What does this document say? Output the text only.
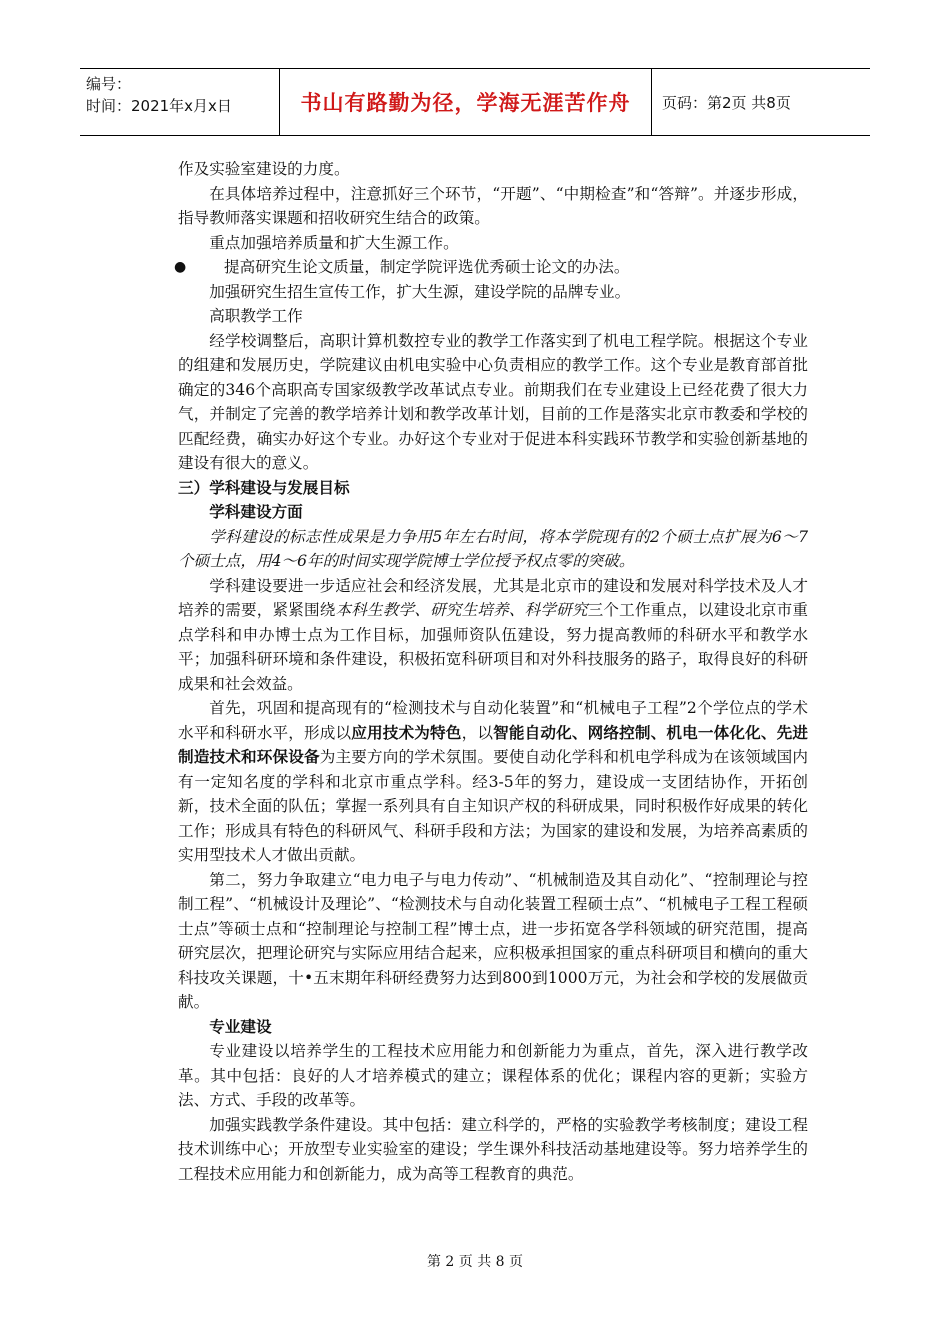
编号：
时间：2021年x月x日	书山有路勤为径，学海无涯苦作舟 页码：第2页 共8页

作及实验室建设的力度。

在具体培养过程中，注意抓好三个环节，“开题”、“中期检查”和“答辩”。并逐步形成，指导教师落实课题和招收研究生结合的政策。

重点加强培养质量和扩大生源工作。

●	提高研究生论文质量，制定学院评选优秀硕士论文的办法。

加强研究生招生宣传工作，扩大生源，建设学院的品牌专业。

高职教学工作

经学校调整后，高职计算机数控专业的教学工作落实到了机电工程学院。根据这个专业的组建和发展历史，学院建议由机电实验中心负责相应的教学工作。这个专业是教育部首批确定的346个高职高专国家级教学改革试点专业。前期我们在专业建设上已经花费了很大力气，并制定了完善的教学培养计划和教学改革计划，目前的工作是落实北京市教委和学校的匹配经费，确实办好这个专业。办好这个专业对于促进本科实践环节教学和实验创新基地的建设有很大的意义。

三）学科建设与发展目标

学科建设方面

学科建设的标志性成果是力争用5年左右时间，将本学院现有的2个硕士点扩展为6～7个硕士点，用4～6年的时间实现学院博士学位授予权点零的突破。

学科建设要进一步适应社会和经济发展，尤其是北京市的建设和发展对科学技术及人才培养的需要，紧紧围绕本科生教学、研究生培养、科学研究三个工作重点，以建设北京市重点学科和申办博士点为工作目标，加强师资队伍建设，努力提高教师的科研水平和教学水平；加强科研环境和条件建设，积极拓宽科研项目和对外科技服务的路子，取得良好的科研成果和社会效益。

首先，巩固和提高现有的“检测技术与自动化装置”和“机械电子工程”2个学位点的学术水平和科研水平，形成以应用技术为特色，以智能自动化、网络控制、机电一体化化、先进制造技术和环保设备为主要方向的学术氛围。要使自动化学科和机电学科成为在该领域国内有一定知名度的学科和北京市重点学科。经3-5年的努力，建设成一支团结协作，开拓创新，技术全面的队伍；掌握一系列具有自主知识产权的科研成果，同时积极作好成果的转化工作；形成具有特色的科研风气、科研手段和方法；为国家的建设和发展，为培养高素质的实用型技术人才做出贡献。

第二，努力争取建立“电力电子与电力传动”、“机械制造及其自动化”、“控制理论与控制工程”、“机械设计及理论”、“检测技术与自动化装置工程硕士点”、“机械电子工程工程硕士点”等硕士点和“控制理论与控制工程”博士点，进一步拓宽各学科领域的研究范围，提高研究层次，把理论研究与实际应用结合起来，应积极承担国家的重点科研项目和横向的重大科技攻关课题，十•五末期年科研经费努力达到800到1000万元，为社会和学校的发展做贡献。

专业建设

专业建设以培养学生的工程技术应用能力和创新能力为重点，首先，深入进行教学改革。其中包括：良好的人才培养模式的建立；课程体系的优化；课程内容的更新；实验方法、方式、手段的改革等。

加强实践教学条件建设。其中包括：建立科学的，严格的实验教学考核制度；建设工程技术训练中心；开放型专业实验室的建设；学生课外科技活动基地建设等。努力培养学生的工程技术应用能力和创新能力，成为高等工程教育的典范。

第 2 页 共 8 页
